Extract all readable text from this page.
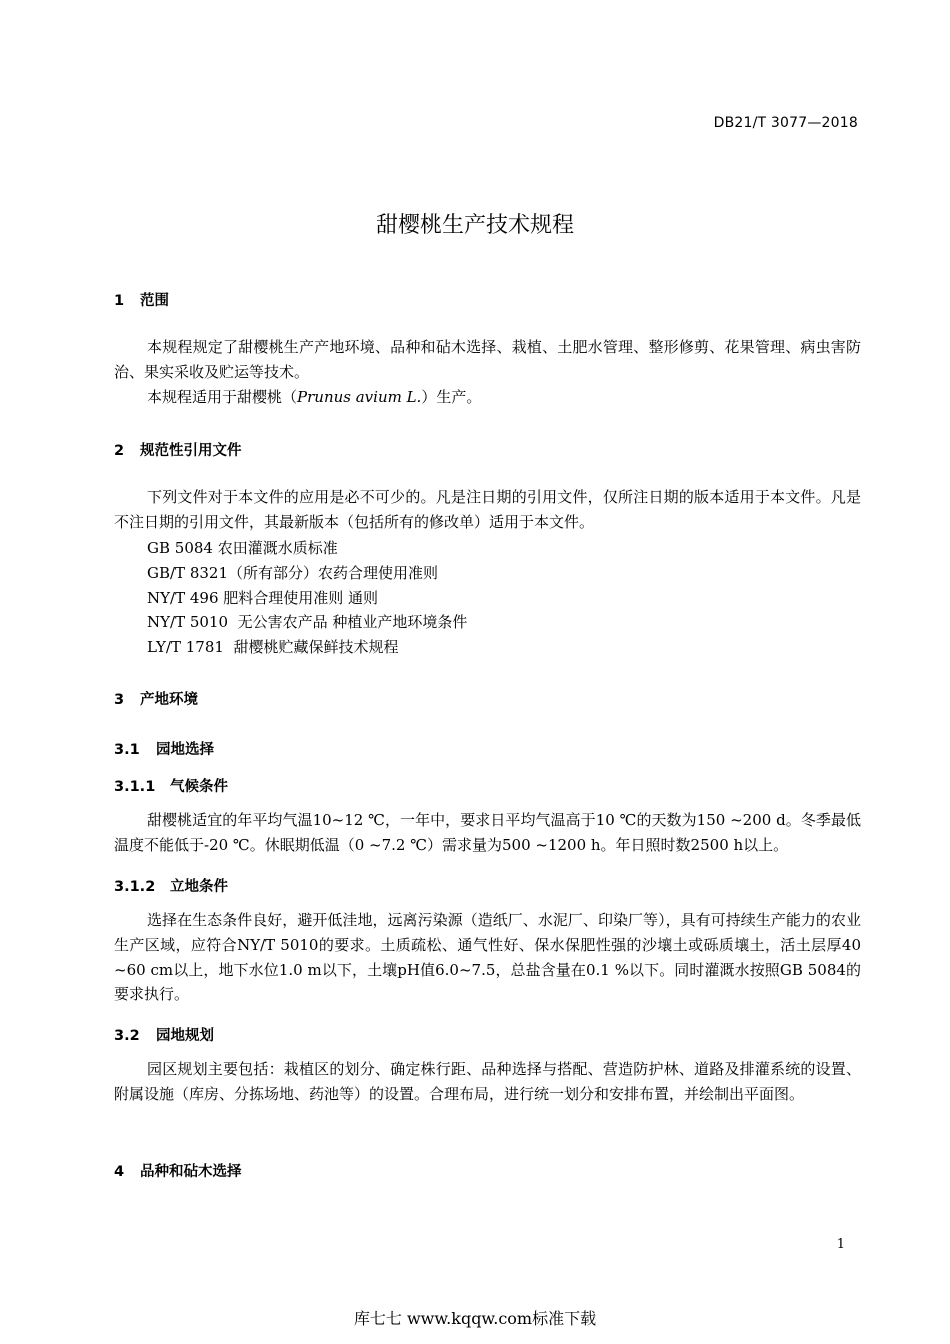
DB21/T 3077—2018
甜樱桃生产技术规程
1 范围

本规程规定了甜樱桃生产产地环境、品种和砧木选择、栽植、土肥水管理、整形修剪、花果管理、病虫害防治、果实采收及贮运等技术。

本规程适用于甜樱桃（Prunus avium L.）生产。

2 规范性引用文件

下列文件对于本文件的应用是必不可少的。凡是注日期的引用文件，仅所注日期的版本适用于本文件。凡是不注日期的引用文件，其最新版本（包括所有的修改单）适用于本文件。

GB 5084 农田灌溉水质标准

GB/T 8321（所有部分）农药合理使用准则

NY/T 496 肥料合理使用准则 通则

NY/T 5010  无公害农产品 种植业产地环境条件

LY/T 1781  甜樱桃贮藏保鲜技术规程

3 产地环境
3.1 园地选择
3.1.1 气候条件

甜樱桃适宜的年平均气温10~12 ℃，一年中，要求日平均气温高于10 ℃的天数为150 ~200 d。冬季最低温度不能低于-20 ℃。休眠期低温（0 ~7.2 ℃）需求量为500 ~1200 h。年日照时数2500 h以上。

3.1.2 立地条件

选择在生态条件良好，避开低洼地，远离污染源（造纸厂、水泥厂、印染厂等），具有可持续生产能力的农业生产区域，应符合NY/T 5010的要求。土质疏松、通气性好、保水保肥性强的沙壤土或砾质壤土，活土层厚40 ~60 cm以上，地下水位1.0 m以下，土壤pH值6.0~7.5，总盐含量在0.1 %以下。同时灌溉水按照GB 5084的要求执行。

3.2 园地规划

园区规划主要包括：栽植区的划分、确定株行距、品种选择与搭配、营造防护林、道路及排灌系统的设置、附属设施（库房、分拣场地、药池等）的设置。合理布局，进行统一划分和安排布置，并绘制出平面图。

4 品种和砧木选择
1
库七七 www.kqqw.com标准下载
